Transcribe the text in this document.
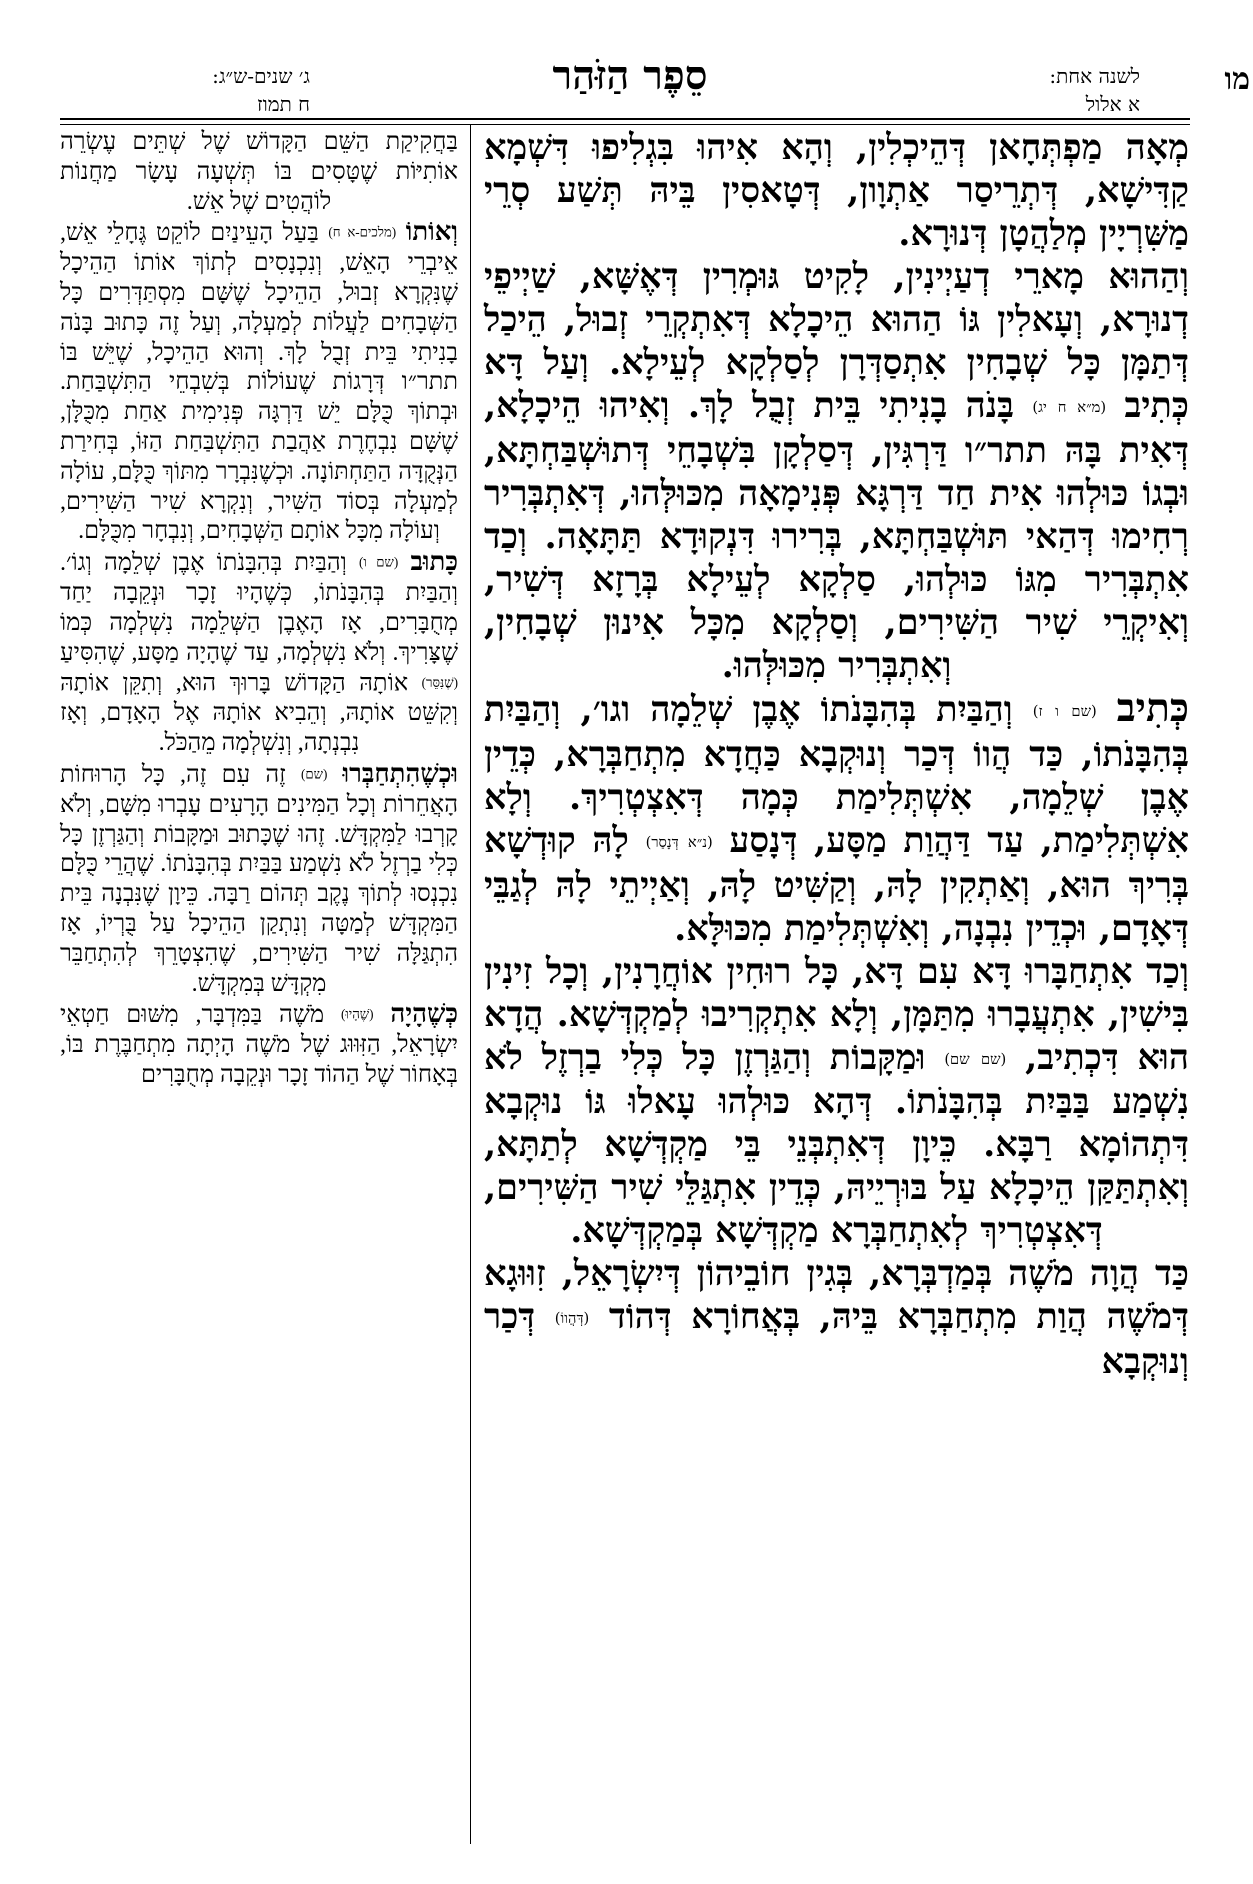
מו
לשנה אחת:
א אלול
סֵפֶר הַזֹּהַר
ג׳ שנים-ש״ג:
ח תמוז

מְאָה מַפְתְּחָאן דְּהֵיכְלִין, וְהָא אִיהוּ בִּגְלִיפוּ דִּשְׁמָא קַדִּישָׁא, דְּתְרֵיסַר אַתְוָון, דְּטָאסִין בֵּיהּ תְּשַׁע סְרֵי מַשִּׁרְיָין מְלַהֲטָן דְּנוּרָא.

וְהַהוּא מָארֵי דְעַיְינִין, לָקִיט גּוּמְרִין דְּאֶשָּׁא, שַׁיְיפֵי דְנוּרָא, וְעָאלִין גּוֹ הַהוּא הֵיכָלָא דְּאִתְקְרֵי זְבוּל, הֵיכַל דְּתַמָּן כָּל שְׁבָחִין אִתְסַדְּרָן לְסַלְקָא לְעֵילָא. וְעַל דָּא כְּתִיב (מ״א ח יג) בָּנֹה בָנִיתִי בֵּית זְבֻל לָךְ. וְאִיהוּ הֵיכָלָא, דְּאִית בָּהּ תתר״ו דַּרְגִּין, דְּסַלְקָן בִּשְׁבָחֵי דְּתוּשְׁבַּחְתָּא, וּבְגוֹ כּוּלְהוּ אִית חַד דַּרְגָּא פְּנִימָאָה מִכּוּלְּהוּ, דְּאִתְבְּרִיר רְחִימוּ דְּהַאי תּוּשְׁבַּחְתָּא, בְּרִירוּ דִּנְקוּדָא תַּתָּאָה. וְכַד אִתְבְּרִיר מִגּוֹ כּוּלְהוּ, סַלְקָא לְעֵילָא בְּרָזָא דְּשִׁיר, וְאִיקְרֵי שִׁיר הַשִּׁירִים, וְסַלְקָא מִכָּל אִינוּן שְׁבָחִין, וְאִתְבְּרִיר מִכּוּלְּהוּ.

כְּתִיב (שם ו ז) וְהַבַּיִת בְּהִבָּנֹתוֹ אֶבֶן שְׁלֵמָה וגו׳, וְהַבַּיִת בְּהִבָּנֹתוֹ, כַּד הֲווֹ דְּכַר וְנוּקְבָא כַּחֲדָא מִתְחַבְּרָא, כְּדֵין אֶבֶן שְׁלֵמָה, אִשְׁתְּלִימַת כְּמָה דְּאִצְטְרִיךְ. וְלָא אִשְׁתְּלִימַת, עַד דַּהֲוַת מַסָּע, דְּנָסַע (נ״א דְּנָסַר) לָהּ קוּדְשָׁא בְּרִיךְ הוּא, וְאַתְקִין לָהּ, וְקַשִּׁיט לָהּ, וְאַיְיתֵי לָהּ לְגַבֵּי דְּאָדָם, וּכְדֵין נִבְנָה, וְאִשְׁתְּלִימַת מִכּוּלָּא.

וְכַד אִתְחַבָּרוּ דָּא עִם דָּא, כָּל רוּחִין אוֹחֲרָנִין, וְכָל זִינִין בִּישִׁין, אִתְעֲבָרוּ מִתַּמָּן, וְלָא אִתְקְרִיבוּ לְמַקְדְּשָׁא. הֲדָא הוּא דִּכְתִיב, (שם שם) וּמַקָּבוֹת וְהַגַּרְזֶן כָּל כְּלִי בַרְזֶל לֹא נִשְׁמַע בַּבַּיִת בְּהִבָּנֹתוֹ. דְּהָא כּוּלְהוּ עָאלוּ גּוֹ נוּקְבָא דִּתְהוֹמָא רַבָּא. כֵּיוָן דְּאִתְבְּנֵי בֵּי מַקְדְּשָׁא לְתַתָּא, וְאִתְתַּקַּן הֵיכָלָא עַל בּוּרְיֵיהּ, כְּדֵין אִתְגַּלֵּי שִׁיר הַשִּׁירִים, דְּאִצְטְרִיךְ לְאִתְחַבְּרָא מַקְדְּשָׁא בְּמַקְדְּשָׁא.

כַּד הֲוָה מֹשֶׁה בְּמַדְבְּרָא, בְּגִין חוֹבֵיהוֹן דְּיִשְׂרָאֵל, זִוּוּגָא דְּמֹשֶׁה הֲוַת מִתְחַבְּרָא בֵּיהּ, בְּאֲחוֹרָא דְּהוֹד (דְּהֲווֹ) דְּכַר וְנוּקְבָא

בַּחֲקִיקַת הַשֵּׁם הַקָּדוֹשׁ שֶׁל שְׁתֵּים עֶשְׂרֵה אוֹתִיּוֹת שֶׁטָּסִים בּוֹ תְּשְׁעָה עָשָׂר מַחֲנוֹת לוֹהֲטִים שֶׁל אֵשׁ.

וְאוֹתוֹ (מלכים-א ח) בַּעַל הָעֵינַיִם לוֹקֵט גֶּחָלֵי אֵשׁ, אֵיבְרֵי הָאֵשׁ, וְנִכְנָסִים לְתוֹךְ אוֹתוֹ הַהֵיכָל שֶׁנִּקְרָא זְבוּל, הַהֵיכָל שֶׁשָּׁם מִסְתַּדְּרִים כָּל הַשְּׁבָחִים לַעֲלוֹת לְמַעְלָה, וְעַל זֶה כָּתוּב בָּנֹה בָנִיתִי בֵּית זְבֻל לָךְ. וְהוּא הַהֵיכָל, שֶׁיֵּשׁ בּוֹ תתר״ו דְּרָגוֹת שֶׁעוֹלוֹת בְּשִׁבְחֵי הַתִּשְׁבַּחַת. וּבְתוֹךְ כֻּלָּם יֵשׁ דַּרְגָּה פְּנִימִית אַחַת מִכֻּלָּן, שֶׁשָּׁם נִבְחֶרֶת אַהֲבַת הַתִּשְׁבַּחַת הַזּוֹ, בְּחִירַת הַנְּקֻדָּה הַתַּחְתּוֹנָה. וּכְשֶׁנִּבְרָר מִתּוֹךְ כֻּלָּם, עוֹלָה לְמַעְלָה בְּסוֹד הַשִּׁיר, וְנִקְרָא שִׁיר הַשִּׁירִים, וְעוֹלָה מִכָּל אוֹתָם הַשְּׁבָחִים, וְנִבְחָר מִכֻּלָּם.

כָּתוּב (שם ו) וְהַבַּיִת בְּהִבָּנֹתוֹ אֶבֶן שְׁלֵמָה וְגוֹ׳. וְהַבַּיִת בְּהִבָּנֹתוֹ, כְּשֶׁהָיוּ זָכָר וּנְקֵבָה יַחַד מְחֻבָּרִים, אָז הָאֶבֶן הַשְּׁלֵמָה נִשְׁלְמָה כְּמוֹ שֶׁצָּרִיךְ. וְלֹא נִשְׁלְמָה, עַד שֶׁהָיָה מַסָּע, שֶׁהִסִּיעַ (שֶׁנִּסֵּר) אוֹתָהּ הַקָּדוֹשׁ בָּרוּךְ הוּא, וְתִקֵּן אוֹתָהּ וְקִשֵּׁט אוֹתָהּ, וְהֵבִיא אוֹתָהּ אֶל הָאָדָם, וְאָז נִבְנְתָה, וְנִשְׁלְמָה מֵהַכֹּל.

וּכְשֶׁהִתְחַבְּרוּ (שם) זֶה עִם זֶה, כָּל הָרוּחוֹת הָאֲחֵרוֹת וְכָל הַמִּינִים הָרָעִים עָבְרוּ מִשָּׁם, וְלֹא קָרְבוּ לַמִּקְדָּשׁ. זֶהוּ שֶׁכָּתוּב וּמַקָּבוֹת וְהַגַּרְזֶן כָּל כְּלִי בַרְזֶל לֹא נִשְׁמַע בַּבַּיִת בְּהִבָּנֹתוֹ. שֶׁהֲרֵי כֻּלָּם נִכְנְסוּ לְתוֹךְ נֶקֶב תְּהוֹם רַבָּה. כֵּיוָן שֶׁנִּבְנָה בֵּית הַמִּקְדָּשׁ לְמַטָּה וְנִתְקַן הַהֵיכָל עַל בֻּרְיוֹ, אָז הִתְגַּלָּה שִׁיר הַשִּׁירִים, שֶׁהִצְטָרֵךְ לְהִתְחַבֵּר מִקְדָּשׁ בְּמִקְדָּשׁ.

כְּשֶׁהָיָה (שֶׁהָיוּ) מֹשֶׁה בַּמִּדְבָּר, מִשּׁוּם חַטְאֵי יִשְׂרָאֵל, הַזִּוּוּג שֶׁל מֹשֶׁה הָיְתָה מִתְחַבֶּרֶת בּוֹ, בְּאָחוֹר שֶׁל הַהוֹד זָכָר וּנְקֵבָה מְחֻבָּרִים
